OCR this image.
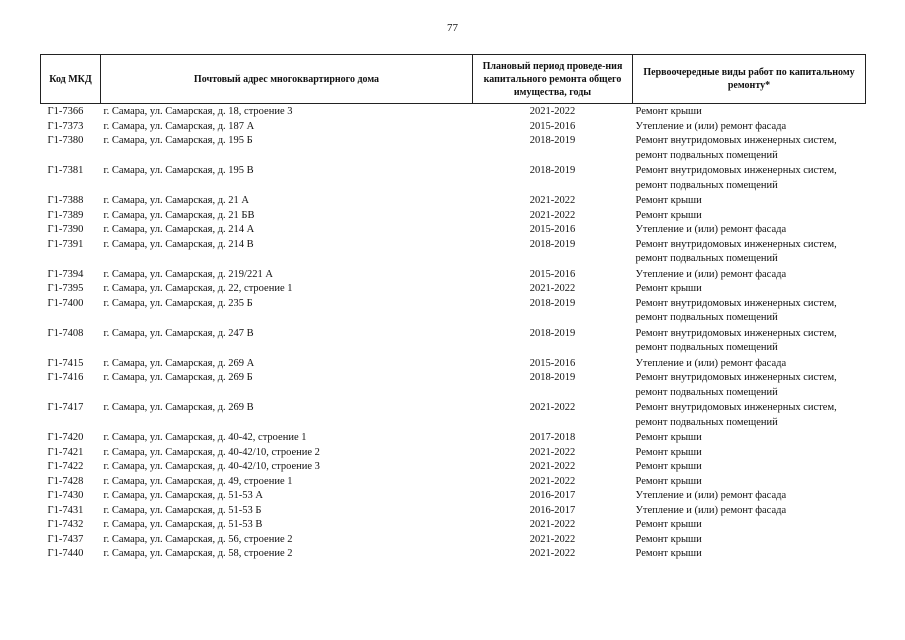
77
Код МКД	Почтовый адрес многоквартирного дома	Плановый период проведе-ния капитального ремонта общего имущества, годы	Первоочередные виды работ по капитальному ремонту*
Г1-7366	г. Самара, ул. Самарская, д. 18, строение 3	2021-2022	Ремонт крыши
Г1-7373	г. Самара, ул. Самарская, д. 187 А	2015-2016	Утепление и (или) ремонт фасада
Г1-7380	г. Самара, ул. Самарская, д. 195 Б	2018-2019	Ремонт внутридомовых инженерных систем, ремонт подвальных помещений
Г1-7381	г. Самара, ул. Самарская, д. 195 В	2018-2019	Ремонт внутридомовых инженерных систем, ремонт подвальных помещений
Г1-7388	г. Самара, ул. Самарская, д. 21 А	2021-2022	Ремонт крыши
Г1-7389	г. Самара, ул. Самарская, д. 21 БВ	2021-2022	Ремонт крыши
Г1-7390	г. Самара, ул. Самарская, д. 214 А	2015-2016	Утепление и (или) ремонт фасада
Г1-7391	г. Самара, ул. Самарская, д. 214 В	2018-2019	Ремонт внутридомовых инженерных систем, ремонт подвальных помещений
Г1-7394	г. Самара, ул. Самарская, д. 219/221 А	2015-2016	Утепление и (или) ремонт фасада
Г1-7395	г. Самара, ул. Самарская, д. 22, строение 1	2021-2022	Ремонт крыши
Г1-7400	г. Самара, ул. Самарская, д. 235 Б	2018-2019	Ремонт внутридомовых инженерных систем, ремонт подвальных помещений
Г1-7408	г. Самара, ул. Самарская, д. 247 В	2018-2019	Ремонт внутридомовых инженерных систем, ремонт подвальных помещений
Г1-7415	г. Самара, ул. Самарская, д. 269 А	2015-2016	Утепление и (или) ремонт фасада
Г1-7416	г. Самара, ул. Самарская, д. 269 Б	2018-2019	Ремонт внутридомовых инженерных систем, ремонт подвальных помещений
Г1-7417	г. Самара, ул. Самарская, д. 269 В	2021-2022	Ремонт внутридомовых инженерных систем, ремонт подвальных помещений
Г1-7420	г. Самара, ул. Самарская, д. 40-42, строение 1	2017-2018	Ремонт крыши
Г1-7421	г. Самара, ул. Самарская, д. 40-42/10, строение 2	2021-2022	Ремонт крыши
Г1-7422	г. Самара, ул. Самарская, д. 40-42/10, строение 3	2021-2022	Ремонт крыши
Г1-7428	г. Самара, ул. Самарская, д. 49, строение 1	2021-2022	Ремонт крыши
Г1-7430	г. Самара, ул. Самарская, д. 51-53 А	2016-2017	Утепление и (или) ремонт фасада
Г1-7431	г. Самара, ул. Самарская, д. 51-53 Б	2016-2017	Утепление и (или) ремонт фасада
Г1-7432	г. Самара, ул. Самарская, д. 51-53 В	2021-2022	Ремонт крыши
Г1-7437	г. Самара, ул. Самарская, д. 56, строение 2	2021-2022	Ремонт крыши
Г1-7440	г. Самара, ул. Самарская, д. 58, строение 2	2021-2022	Ремонт крыши
